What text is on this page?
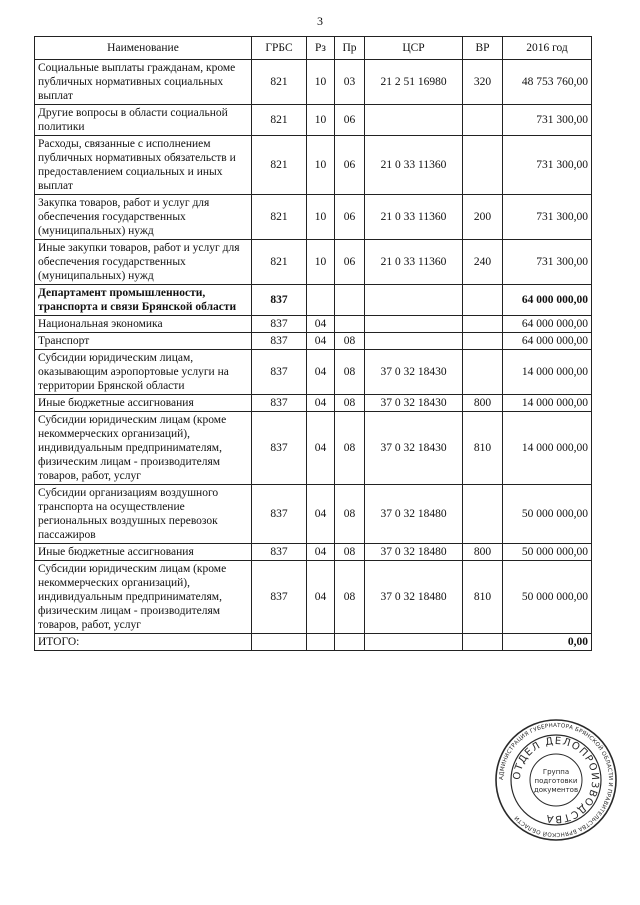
3
Наименование	ГРБС	Рз	Пр	ЦСР	ВР	2016 год
Социальные выплаты гражданам, кроме публичных нормативных социальных выплат	821	10	03	21 2 51 16980	320	48 753 760,00
Другие вопросы в области социальной политики	821	10	06			731 300,00
Расходы, связанные с исполнением публичных нормативных обязательств и предоставлением социальных и иных выплат	821	10	06	21 0 33 11360		731 300,00
Закупка товаров, работ и услуг для обеспечения государственных (муниципальных) нужд	821	10	06	21 0 33 11360	200	731 300,00
Иные закупки товаров, работ и услуг для обеспечения государственных (муниципальных) нужд	821	10	06	21 0 33 11360	240	731 300,00
Департамент промышленности, транспорта и связи Брянской области	837					64 000 000,00
Национальная экономика	837	04				64 000 000,00
Транспорт	837	04	08			64 000 000,00
Субсидии юридическим лицам, оказывающим аэропортовые услуги на территории Брянской области	837	04	08	37 0 32 18430		14 000 000,00
Иные бюджетные ассигнования	837	04	08	37 0 32 18430	800	14 000 000,00
Субсидии юридическим лицам (кроме некоммерческих организаций), индивидуальным предпринимателям, физическим лицам - производителям товаров, работ, услуг	837	04	08	37 0 32 18430	810	14 000 000,00
Субсидии организациям воздушного транспорта на осуществление региональных воздушных перевозок пассажиров	837	04	08	37 0 32 18480		50 000 000,00
Иные бюджетные ассигнования	837	04	08	37 0 32 18480	800	50 000 000,00
Субсидии юридическим лицам (кроме некоммерческих организаций), индивидуальным предпринимателям, физическим лицам - производителям товаров, работ, услуг	837	04	08	37 0 32 18480	810	50 000 000,00
ИТОГО:						0,00
АДМИНИСТРАЦИЯ ГУБЕРНАТОРА БРЯНСКОЙ ОБЛАСТИ И ПРАВИТЕЛЬСТВА БРЯНСКОЙ ОБЛАСТИ
ОТДЕЛ ДЕЛОПРОИЗВОДСТВА
Группа
подготовки
документов
